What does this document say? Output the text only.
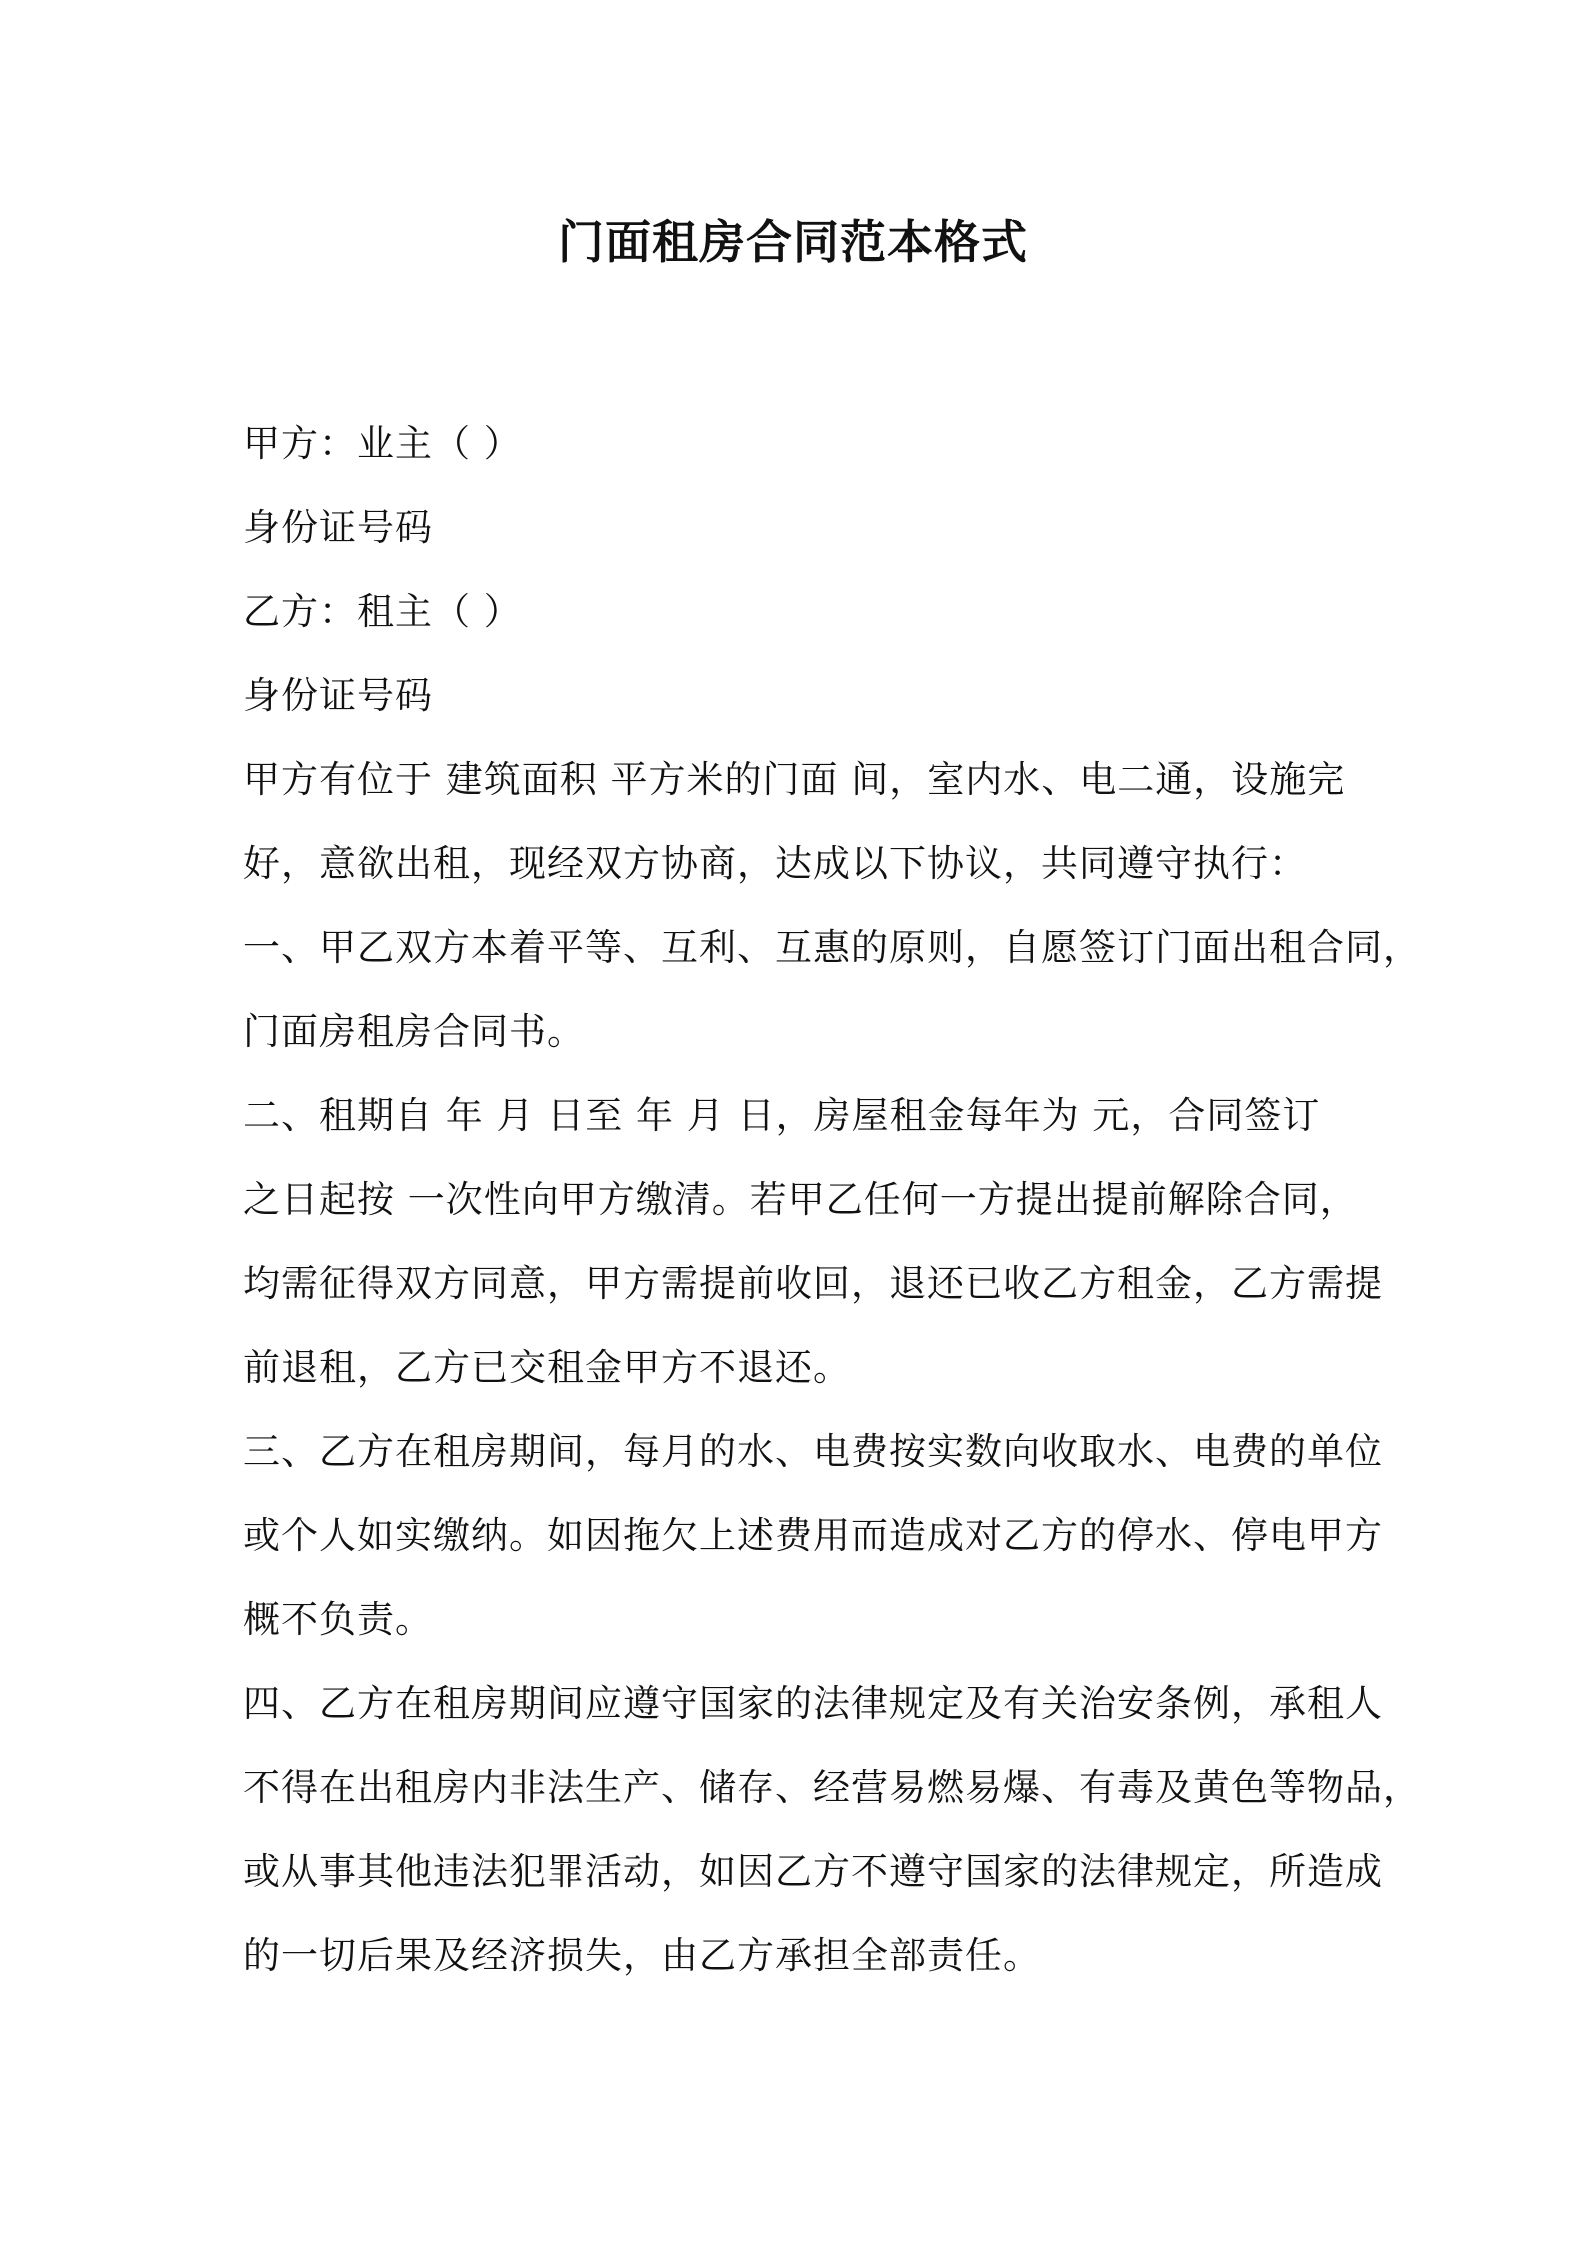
门面租房合同范本格式

甲方：业主（ ）

身份证号码

乙方：租主（ ）

身份证号码

甲方有位于 建筑面积 平方米的门面 间，室内水、电二通，设施完

好，意欲出租，现经双方协商，达成以下协议，共同遵守执行：

一、甲乙双方本着平等、互利、互惠的原则，自愿签订门面出租合同，

门面房租房合同书。

二、租期自 年 月 日至 年 月 日，房屋租金每年为 元，合同签订

之日起按 一次性向甲方缴清。若甲乙任何一方提出提前解除合同，

均需征得双方同意，甲方需提前收回，退还已收乙方租金，乙方需提

前退租，乙方已交租金甲方不退还。

三、乙方在租房期间，每月的水、电费按实数向收取水、电费的单位

或个人如实缴纳。如因拖欠上述费用而造成对乙方的停水、停电甲方

概不负责。

四、乙方在租房期间应遵守国家的法律规定及有关治安条例，承租人

不得在出租房内非法生产、储存、经营易燃易爆、有毒及黄色等物品，

或从事其他违法犯罪活动，如因乙方不遵守国家的法律规定，所造成

的一切后果及经济损失，由乙方承担全部责任。
